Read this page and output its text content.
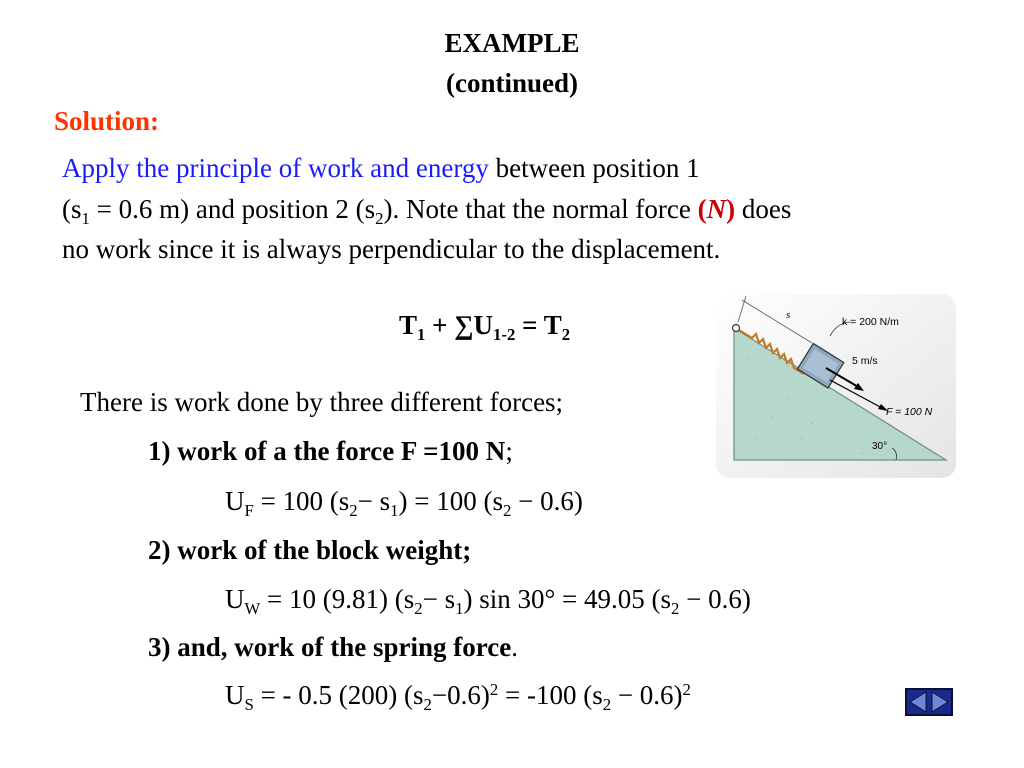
EXAMPLE
(continued)
Solution:
Apply the principle of work and energy between position 1
($s_1 = 0.6$ m) and position 2 $(s_2)$. Note that the normal force (N) does
no work since it is always perpendicular to the displacement.
$T_1 + \sum U_{1-2} = T_2$
There is work done by three different forces;
1) work of a the force F =100 N;
$U_F = 100$ $(s_2- s_1) = 100$ $(s_2 - 0.6)$
2) work of the block weight;
$U_W = 10$ (9.81) $(s_2- s_1)$ sin 30° = 49.05 $(s_2 - 0.6)$
3) and, work of the spring force.
$U_S$ = - 0.5 (200) $(s_2-0.6)^2 = -100$ $(s_2 - 0.6)^2$
s
k = 200 N/m
5 m/s
F = 100 N
30°
